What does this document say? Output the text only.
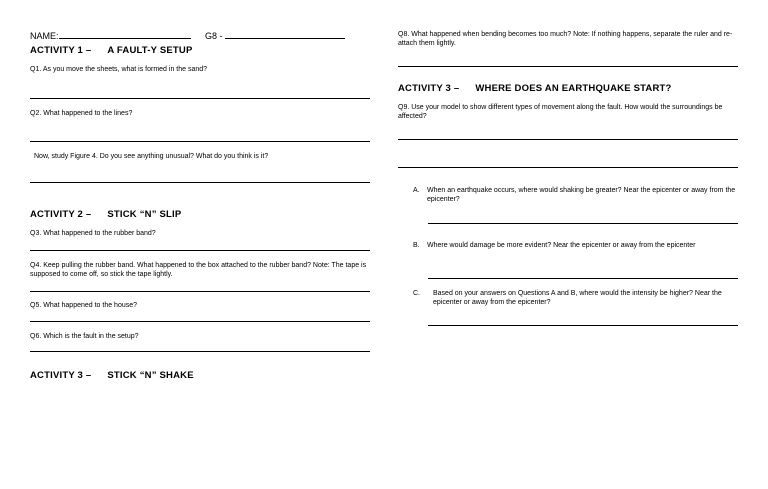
NAME:	G8 -
ACTIVITY 1 – A FAULT-Y SETUP
Q1. As you move the sheets, what is formed in the sand?
Q2. What happened to the lines?
Now, study Figure 4. Do you see anything unusual? What do you think is it?
ACTIVITY 2 – STICK “N” SLIP
Q3. What happened to the rubber band?
Q4. Keep pulling the rubber band. What happened to the box attached to the rubber band? Note: The tape is supposed to come off, so stick the tape lightly.
Q5. What happened to the house?
Q6. Which is the fault in the setup?
ACTIVITY 3 – STICK “N” SHAKE
Q8. What happened when bending becomes too much? Note: If nothing happens, separate the ruler and re-attach them lightly.
ACTIVITY 3 – WHERE DOES AN EARTHQUAKE START?
Q9. Use your model to show different types of movement along the fault. How would the surroundings be affected?
A. When an earthquake occurs, where would shaking be greater? Near the epicenter or away from the epicenter?
B. Where would damage be more evident? Near the epicenter or away from the epicenter
C. Based on your answers on Questions A and B, where would the intensity be higher? Near the epicenter or away from the epicenter?
